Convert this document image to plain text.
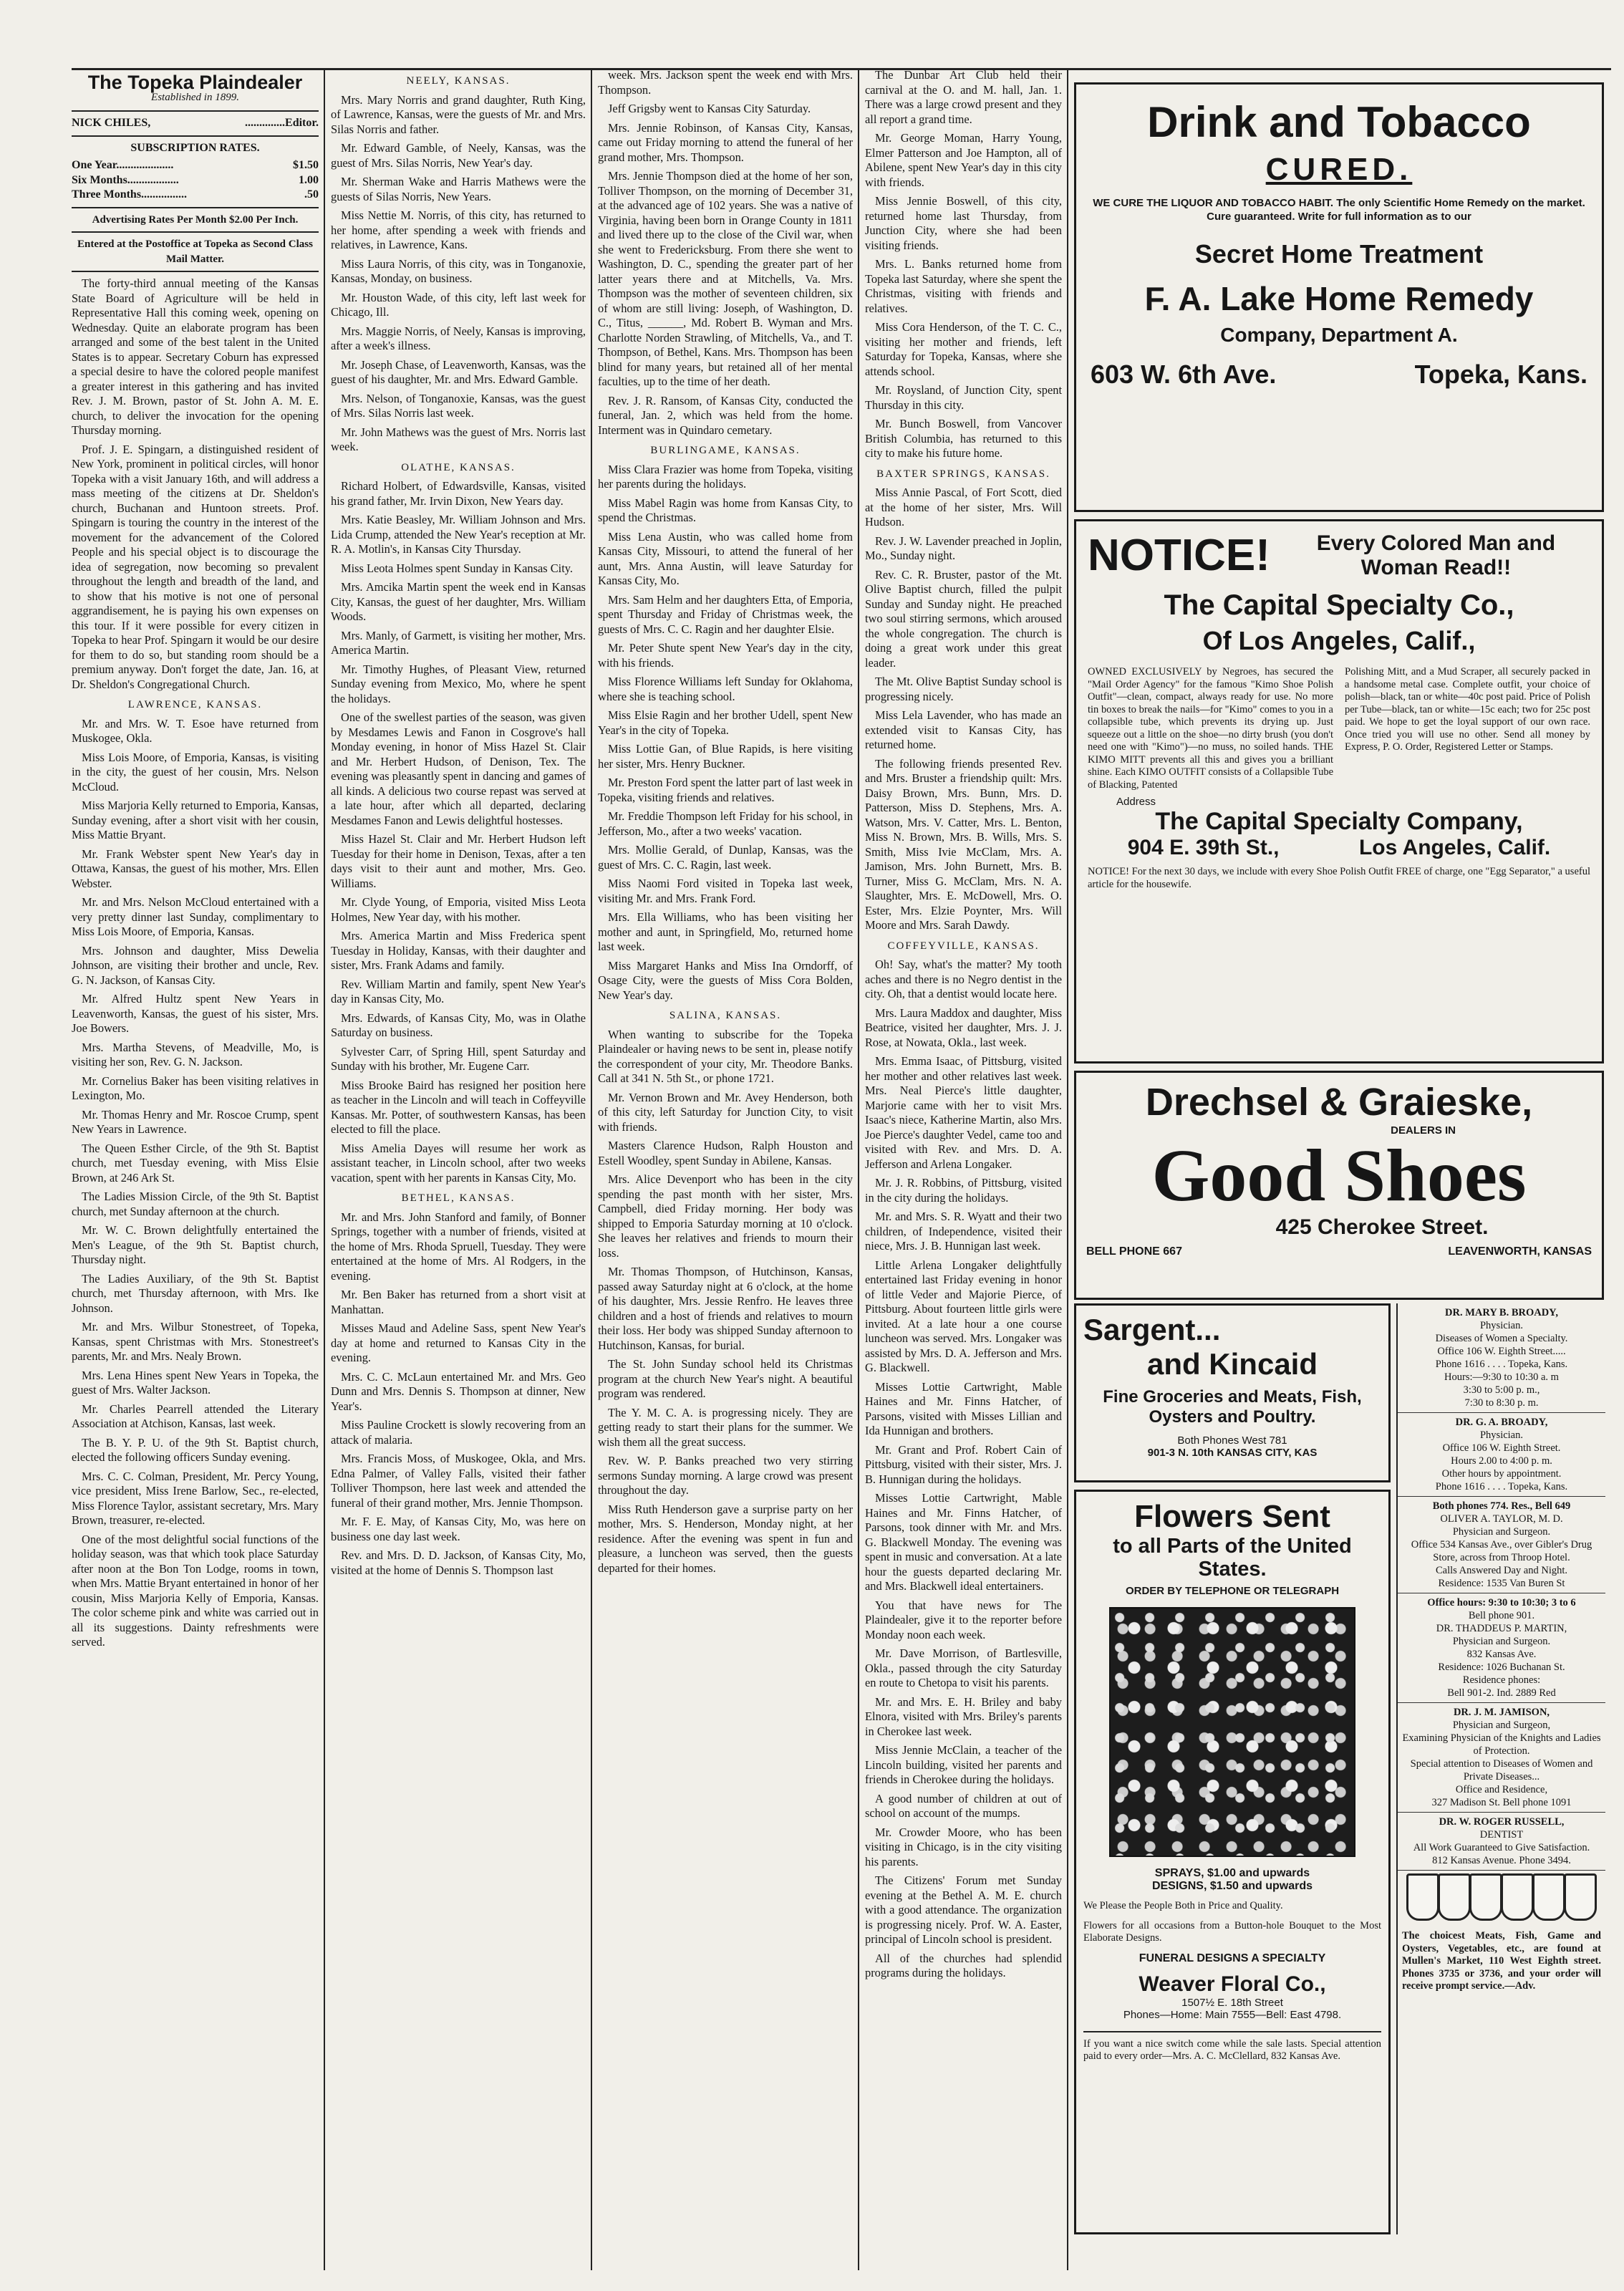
The Topeka Plaindealer
Established in 1899.
NICK CHILES,	..............Editor.
SUBSCRIPTION RATES.
One Year....................	$1.50
Six Months..................	1.00
Three Months................	.50
Advertising Rates Per Month $2.00 Per Inch.
Entered at the Postoffice at Topeka as Second Class Mail Matter.

The forty-third annual meeting of the Kansas State Board of Agriculture will be held in Representative Hall this coming week, opening on Wednesday. Quite an elaborate program has been arranged and some of the best talent in the United States is to appear. Secretary Coburn has expressed a special desire to have the colored people manifest a greater interest in this gathering and has invited Rev. J. M. Brown, pastor of St. John A. M. E. church, to deliver the invocation for the opening Thursday morning.

Prof. J. E. Spingarn, a distinguished resident of New York, prominent in political circles, will honor Topeka with a visit January 16th, and will address a mass meeting of the citizens at Dr. Sheldon's church, Buchanan and Huntoon streets. Prof. Spingarn is touring the country in the interest of the movement for the advancement of the Colored People and his special object is to discourage the idea of segregation, now becoming so prevalent throughout the length and breadth of the land, and to show that his motive is not one of personal aggrandisement, he is paying his own expenses on this tour. If it were possible for every citizen in Topeka to hear Prof. Spingarn it would be our desire for them to do so, but standing room should be a premium anyway. Don't forget the date, Jan. 16, at Dr. Sheldon's Congregational Church.

LAWRENCE, KANSAS.

Mr. and Mrs. W. T. Esoe have returned from Muskogee, Okla.

Miss Lois Moore, of Emporia, Kansas, is visiting in the city, the guest of her cousin, Mrs. Nelson McCloud.

Miss Marjoria Kelly returned to Emporia, Kansas, Sunday evening, after a short visit with her cousin, Miss Mattie Bryant.

Mr. Frank Webster spent New Year's day in Ottawa, Kansas, the guest of his mother, Mrs. Ellen Webster.

Mr. and Mrs. Nelson McCloud entertained with a very pretty dinner last Sunday, complimentary to Miss Lois Moore, of Emporia, Kansas.

Mrs. Johnson and daughter, Miss Dewelia Johnson, are visiting their brother and uncle, Rev. G. N. Jackson, of Kansas City.

Mr. Alfred Hultz spent New Years in Leavenworth, Kansas, the guest of his sister, Mrs. Joe Bowers.

Mrs. Martha Stevens, of Meadville, Mo, is visiting her son, Rev. G. N. Jackson.

Mr. Cornelius Baker has been visiting relatives in Lexington, Mo.

Mr. Thomas Henry and Mr. Roscoe Crump, spent New Years in Lawrence.

The Queen Esther Circle, of the 9th St. Baptist church, met Tuesday evening, with Miss Elsie Brown, at 246 Ark St.

The Ladies Mission Circle, of the 9th St. Baptist church, met Sunday afternoon at the church.

Mr. W. C. Brown delightfully entertained the Men's League, of the 9th St. Baptist church, Thursday night.

The Ladies Auxiliary, of the 9th St. Baptist church, met Thursday afternoon, with Mrs. Ike Johnson.

Mr. and Mrs. Wilbur Stonestreet, of Topeka, Kansas, spent Christmas with Mrs. Stonestreet's parents, Mr. and Mrs. Nealy Brown.

Mrs. Lena Hines spent New Years in Topeka, the guest of Mrs. Walter Jackson.

Mr. Charles Pearrell attended the Literary Association at Atchison, Kansas, last week.

The B. Y. P. U. of the 9th St. Baptist church, elected the following officers Sunday evening.

Mrs. C. C. Colman, President, Mr. Percy Young, vice president, Miss Irene Barlow, Sec., re-elected, Miss Florence Taylor, assistant secretary, Mrs. Mary Brown, treasurer, re-elected.

One of the most delightful social functions of the holiday season, was that which took place Saturday after noon at the Bon Ton Lodge, rooms in town, when Mrs. Mattie Bryant entertained in honor of her cousin, Miss Marjoria Kelly of Emporia, Kansas. The color scheme pink and white was carried out in all its suggestions. Dainty refreshments were served.

NEELY, KANSAS.

Mrs. Mary Norris and grand daughter, Ruth King, of Lawrence, Kansas, were the guests of Mr. and Mrs. Silas Norris and father.

Mr. Edward Gamble, of Neely, Kansas, was the guest of Mrs. Silas Norris, New Year's day.

Mr. Sherman Wake and Harris Mathews were the guests of Silas Norris, New Years.

Miss Nettie M. Norris, of this city, has returned to her home, after spending a week with friends and relatives, in Lawrence, Kans.

Miss Laura Norris, of this city, was in Tonganoxie, Kansas, Monday, on business.

Mr. Houston Wade, of this city, left last week for Chicago, Ill.

Mrs. Maggie Norris, of Neely, Kansas is improving, after a week's illness.

Mr. Joseph Chase, of Leavenworth, Kansas, was the guest of his daughter, Mr. and Mrs. Edward Gamble.

Mrs. Nelson, of Tonganoxie, Kansas, was the guest of Mrs. Silas Norris last week.

Mr. John Mathews was the guest of Mrs. Norris last week.

OLATHE, KANSAS.

Richard Holbert, of Edwardsville, Kansas, visited his grand father, Mr. Irvin Dixon, New Years day.

Mrs. Katie Beasley, Mr. William Johnson and Mrs. Lida Crump, attended the New Year's reception at Mr. R. A. Motlin's, in Kansas City Thursday.

Miss Leota Holmes spent Sunday in Kansas City.

Mrs. Amcika Martin spent the week end in Kansas City, Kansas, the guest of her daughter, Mrs. William Woods.

Mrs. Manly, of Garmett, is visiting her mother, Mrs. America Martin.

Mr. Timothy Hughes, of Pleasant View, returned Sunday evening from Mexico, Mo, where he spent the holidays.

One of the swellest parties of the season, was given by Mesdames Lewis and Fanon in Cosgrove's hall Monday evening, in honor of Miss Hazel St. Clair and Mr. Herbert Hudson, of Denison, Tex. The evening was pleasantly spent in dancing and games of all kinds. A delicious two course repast was served at a late hour, after which all departed, declaring Mesdames Fanon and Lewis delightful hostesses.

Miss Hazel St. Clair and Mr. Herbert Hudson left Tuesday for their home in Denison, Texas, after a ten days visit to their aunt and mother, Mrs. Geo. Williams.

Mr. Clyde Young, of Emporia, visited Miss Leota Holmes, New Year day, with his mother.

Mrs. America Martin and Miss Frederica spent Tuesday in Holiday, Kansas, with their daughter and sister, Mrs. Frank Adams and family.

Rev. William Martin and family, spent New Year's day in Kansas City, Mo.

Mrs. Edwards, of Kansas City, Mo, was in Olathe Saturday on business.

Sylvester Carr, of Spring Hill, spent Saturday and Sunday with his brother, Mr. Eugene Carr.

Miss Brooke Baird has resigned her position here as teacher in the Lincoln and will teach in Coffeyville Kansas. Mr. Potter, of southwestern Kansas, has been elected to fill the place.

Miss Amelia Dayes will resume her work as assistant teacher, in Lincoln school, after two weeks vacation, spent with her parents in Kansas City, Mo.

BETHEL, KANSAS.

Mr. and Mrs. John Stanford and family, of Bonner Springs, together with a number of friends, visited at the home of Mrs. Rhoda Spruell, Tuesday. They were entertained at the home of Mrs. Al Rodgers, in the evening.

Mr. Ben Baker has returned from a short visit at Manhattan.

Misses Maud and Adeline Sass, spent New Year's day at home and returned to Kansas City in the evening.

Mrs. C. C. McLaun entertained Mr. and Mrs. Geo Dunn and Mrs. Dennis S. Thompson at dinner, New Year's.

Miss Pauline Crockett is slowly recovering from an attack of malaria.

Mrs. Francis Moss, of Muskogee, Okla, and Mrs. Edna Palmer, of Valley Falls, visited their father Tolliver Thompson, here last week and attended the funeral of their grand mother, Mrs. Jennie Thompson.

Mr. F. E. May, of Kansas City, Mo, was here on business one day last week.

Rev. and Mrs. D. D. Jackson, of Kansas City, Mo, visited at the home of Dennis S. Thompson last

week. Mrs. Jackson spent the week end with Mrs. Thompson.

Jeff Grigsby went to Kansas City Saturday.

Mrs. Jennie Robinson, of Kansas City, Kansas, came out Friday morning to attend the funeral of her grand mother, Mrs. Thompson.

Mrs. Jennie Thompson died at the home of her son, Tolliver Thompson, on the morning of December 31, at the advanced age of 102 years. She was a native of Virginia, having been born in Orange County in 1811 and lived there up to the close of the Civil war, when she went to Fredericksburg. From there she went to Washington, D. C., spending the greater part of her latter years there and at Mitchells, Va. Mrs. Thompson was the mother of seventeen children, six of whom are still living: Joseph, of Washington, D. C., Titus, ______, Md. Robert B. Wyman and Mrs. Charlotte Norden Strawling, of Mitchells, Va., and T. Thompson, of Bethel, Kans. Mrs. Thompson has been blind for many years, but retained all of her mental faculties, up to the time of her death.

Rev. J. R. Ransom, of Kansas City, conducted the funeral, Jan. 2, which was held from the home. Interment was in Quindaro cemetary.

BURLINGAME, KANSAS.

Miss Clara Frazier was home from Topeka, visiting her parents during the holidays.

Miss Mabel Ragin was home from Kansas City, to spend the Christmas.

Miss Lena Austin, who was called home from Kansas City, Missouri, to attend the funeral of her aunt, Mrs. Anna Austin, will leave Saturday for Kansas City, Mo.

Mrs. Sam Helm and her daughters Etta, of Emporia, spent Thursday and Friday of Christmas week, the guests of Mrs. C. C. Ragin and her daughter Elsie.

Mr. Peter Shute spent New Year's day in the city, with his friends.

Miss Florence Williams left Sunday for Oklahoma, where she is teaching school.

Miss Elsie Ragin and her brother Udell, spent New Year's in the city of Topeka.

Miss Lottie Gan, of Blue Rapids, is here visiting her sister, Mrs. Henry Buckner.

Mr. Preston Ford spent the latter part of last week in Topeka, visiting friends and relatives.

Mr. Freddie Thompson left Friday for his school, in Jefferson, Mo., after a two weeks' vacation.

Mrs. Mollie Gerald, of Dunlap, Kansas, was the guest of Mrs. C. C. Ragin, last week.

Miss Naomi Ford visited in Topeka last week, visiting Mr. and Mrs. Frank Ford.

Mrs. Ella Williams, who has been visiting her mother and aunt, in Springfield, Mo, returned home last week.

Miss Margaret Hanks and Miss Ina Orndorff, of Osage City, were the guests of Miss Cora Bolden, New Year's day.

SALINA, KANSAS.

When wanting to subscribe for the Topeka Plaindealer or having news to be sent in, please notify the correspondent of your city, Mr. Theodore Banks. Call at 341 N. 5th St., or phone 1721.

Mr. Vernon Brown and Mr. Avey Henderson, both of this city, left Saturday for Junction City, to visit with friends.

Masters Clarence Hudson, Ralph Houston and Estell Woodley, spent Sunday in Abilene, Kansas.

Mrs. Alice Devenport who has been in the city spending the past month with her sister, Mrs. Campbell, died Friday morning. Her body was shipped to Emporia Saturday morning at 10 o'clock. She leaves her relatives and friends to mourn their loss.

Mr. Thomas Thompson, of Hutchinson, Kansas, passed away Saturday night at 6 o'clock, at the home of his daughter, Mrs. Jessie Renfro. He leaves three children and a host of friends and relatives to mourn their loss. Her body was shipped Sunday afternoon to Hutchinson, Kansas, for burial.

The St. John Sunday school held its Christmas program at the church New Year's night. A beautiful program was rendered.

The Y. M. C. A. is progressing nicely. They are getting ready to start their plans for the summer. We wish them all the great success.

Rev. W. P. Banks preached two very stirring sermons Sunday morning. A large crowd was present throughout the day.

Miss Ruth Henderson gave a surprise party on her mother, Mrs. S. Henderson, Monday night, at her residence. After the evening was spent in fun and pleasure, a luncheon was served, then the guests departed for their homes.

The Dunbar Art Club held their carnival at the O. and M. hall, Jan. 1. There was a large crowd present and they all report a grand time.

Mr. George Moman, Harry Young, Elmer Patterson and Joe Hampton, all of Abilene, spent New Year's day in this city with friends.

Miss Jennie Boswell, of this city, returned home last Thursday, from Junction City, where she had been visiting friends.

Mrs. L. Banks returned home from Topeka last Saturday, where she spent the Christmas, visiting with friends and relatives.

Miss Cora Henderson, of the T. C. C., visiting her mother and friends, left Saturday for Topeka, Kansas, where she attends school.

Mr. Roysland, of Junction City, spent Thursday in this city.

Mr. Bunch Boswell, from Vancover British Columbia, has returned to this city to make his future home.

BAXTER SPRINGS, KANSAS.

Miss Annie Pascal, of Fort Scott, died at the home of her sister, Mrs. Will Hudson.

Rev. J. W. Lavender preached in Joplin, Mo., Sunday night.

Rev. C. R. Bruster, pastor of the Mt. Olive Baptist church, filled the pulpit Sunday and Sunday night. He preached two soul stirring sermons, which aroused the whole congregation. The church is doing a great work under this great leader.

The Mt. Olive Baptist Sunday school is progressing nicely.

Miss Lela Lavender, who has made an extended visit to Kansas City, has returned home.

The following friends presented Rev. and Mrs. Bruster a friendship quilt: Mrs. Daisy Brown, Mrs. Bunn, Mrs. D. Patterson, Miss D. Stephens, Mrs. A. Watson, Mrs. V. Catter, Mrs. L. Benton, Miss N. Brown, Mrs. B. Wills, Mrs. S. Smith, Miss Ivie McClam, Mrs. A. Jamison, Mrs. John Burnett, Mrs. B. Turner, Miss G. McClam, Mrs. N. A. Slaughter, Mrs. E. McDowell, Mrs. O. Ester, Mrs. Elzie Poynter, Mrs. Will Moore and Mrs. Sarah Dawdy.

COFFEYVILLE, KANSAS.

Oh! Say, what's the matter? My tooth aches and there is no Negro dentist in the city. Oh, that a dentist would locate here.

Mrs. Laura Maddox and daughter, Miss Beatrice, visited her daughter, Mrs. J. J. Rose, at Nowata, Okla., last week.

Mrs. Emma Isaac, of Pittsburg, visited her mother and other relatives last week. Mrs. Neal Pierce's little daughter, Marjorie came with her to visit Mrs. Isaac's niece, Katherine Martin, also Mrs. Joe Pierce's daughter Vedel, came too and visited with Rev. and Mrs. D. A. Jefferson and Arlena Longaker.

Mr. J. R. Robbins, of Pittsburg, visited in the city during the holidays.

Mr. and Mrs. S. R. Wyatt and their two children, of Independence, visited their niece, Mrs. J. B. Hunnigan last week.

Little Arlena Longaker delightfully entertained last Friday evening in honor of little Veder and Majorie Pierce, of Pittsburg. About fourteen little girls were invited. At a late hour a one course luncheon was served. Mrs. Longaker was assisted by Mrs. D. A. Jefferson and Mrs. G. Blackwell.

Misses Lottie Cartwright, Mable Haines and Mr. Finns Hatcher, of Parsons, visited with Misses Lillian and Ida Hunnigan and brothers.

Mr. Grant and Prof. Robert Cain of Pittsburg, visited with their sister, Mrs. J. B. Hunnigan during the holidays.

Misses Lottie Cartwright, Mable Haines and Mr. Finns Hatcher, of Parsons, took dinner with Mr. and Mrs. G. Blackwell Monday. The evening was spent in music and conversation. At a late hour the guests departed declaring Mr. and Mrs. Blackwell ideal entertainers.

You that have news for The Plaindealer, give it to the reporter before Monday noon each week.

Mr. Dave Morrison, of Bartlesville, Okla., passed through the city Saturday en route to Chetopa to visit his parents.

Mr. and Mrs. E. H. Briley and baby Elnora, visited with Mrs. Briley's parents in Cherokee last week.

Miss Jennie McClain, a teacher of the Lincoln building, visited her parents and friends in Cherokee during the holidays.

A good number of children at out of school on account of the mumps.

Mr. Crowder Moore, who has been visiting in Chicago, is in the city visiting his parents.

The Citizens' Forum met Sunday evening at the Bethel A. M. E. church with a good attendance. The organization is progressing nicely. Prof. W. A. Easter, principal of Lincoln school is president.

All of the churches had splendid programs during the holidays.

Drink and Tobacco
CURED.
WE CURE THE LIQUOR AND TOBACCO HABIT. The only Scientific Home Remedy on the market. Cure guaranteed. Write for full information as to our
Secret Home Treatment
F. A. Lake Home Remedy
Company, Department A.
603 W. 6th Ave.	Topeka, Kans.
NOTICE!	Every Colored Man and Woman Read!!
The Capital Specialty Co.,
Of Los Angeles, Calif.,
OWNED EXCLUSIVELY by Negroes, has secured the "Mail Order Agency" for the famous "Kimo Shoe Polish Outfit"—clean, compact, always ready for use. No more tin boxes to break the nails—for "Kimo" comes to you in a collapsible tube, which prevents its drying up. Just squeeze out a little on the shoe—no dirty brush (you don't need one with "Kimo")—no muss, no soiled hands. THE KIMO MITT prevents all this and gives you a brilliant shine. Each KIMO OUTFIT consists of a Collapsible Tube of Blacking, Patented
Polishing Mitt, and a Mud Scraper, all securely packed in a handsome metal case. Complete outfit, your choice of polish—black, tan or white—40c post paid. Price of Polish per Tube—black, tan or white—15c each; two for 25c post paid. We hope to get the loyal support of our own race. Once tried you will use no other. Send all money by Express, P. O. Order, Registered Letter or Stamps.
Address
The Capital Specialty Company,
904 E. 39th St.,	Los Angeles, Calif.
NOTICE! For the next 30 days, we include with every Shoe Polish Outfit FREE of charge, one "Egg Separator," a useful article for the housewife.
Drechsel & Graieske,
DEALERS IN
Good Shoes
425 Cherokee Street.
BELL PHONE 667	LEAVENWORTH, KANSAS
Sargent...
and Kincaid
Fine Groceries and Meats, Fish, Oysters and Poultry.
Both Phones West 781
901-3 N. 10th KANSAS CITY, KAS
Flowers Sent
to all Parts of the United States.
ORDER BY TELEPHONE OR TELEGRAPH
SPRAYS, $1.00 and upwards
DESIGNS, $1.50 and upwards
We Please the People Both in Price and Quality.
Flowers for all occasions from a Button-hole Bouquet to the Most Elaborate Designs.
FUNERAL DESIGNS A SPECIALTY
Weaver Floral Co.,
1507½ E. 18th Street
Phones—Home: Main 7555—Bell: East 4798.
If you want a nice switch come while the sale lasts. Special attention paid to every order—Mrs. A. C. McClellard, 832 Kansas Ave.
DR. MARY B. BROADY,
Physician.
Diseases of Women a Specialty.
Office 106 W. Eighth Street.....
Phone 1616 . . . . Topeka, Kans.
Hours:—9:30 to 10:30 a. m
3:30 to 5:00 p. m.,
7:30 to 8:30 p. m.
DR. G. A. BROADY,
Physician.
Office 106 W. Eighth Street.
Hours 2.00 to 4:00 p. m.
Other hours by appointment.
Phone 1616 . . . . Topeka, Kans.
Both phones 774. Res., Bell 649
OLIVER A. TAYLOR, M. D.
Physician and Surgeon.
Office 534 Kansas Ave., over Gibler's Drug Store, across from Throop Hotel.
Calls Answered Day and Night.
Residence: 1535 Van Buren St
Office hours: 9:30 to 10:30; 3 to 6
Bell phone 901.
DR. THADDEUS P. MARTIN,
Physician and Surgeon.
832 Kansas Ave.
Residence: 1026 Buchanan St.
Residence phones:
Bell 901-2. Ind. 2889 Red
DR. J. M. JAMISON,
Physician and Surgeon,
Examining Physician of the Knights and Ladies of Protection.
Special attention to Diseases of Women and Private Diseases...
Office and Residence,
327 Madison St. Bell phone 1091
DR. W. ROGER RUSSELL,
DENTIST
All Work Guaranteed to Give Satisfaction.
812 Kansas Avenue. Phone 3494.
The choicest Meats, Fish, Game and Oysters, Vegetables, etc., are found at Mullen's Market, 110 West Eighth street. Phones 3735 or 3736, and your order will receive prompt service.—Adv.
